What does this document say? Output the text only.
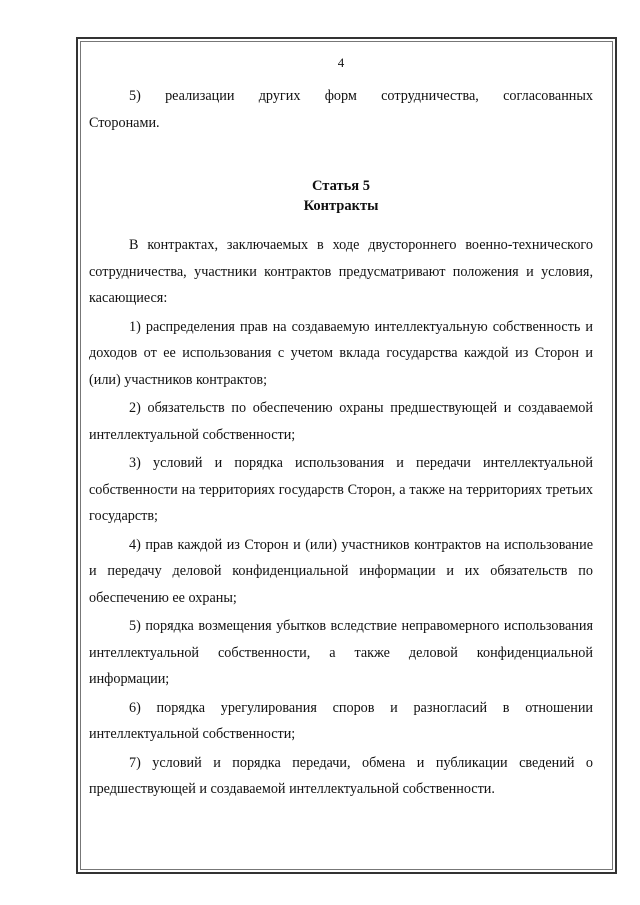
4

5) реализации других форм сотрудничества, согласованных

Сторонами.

Статья 5
Контракты

В контрактах, заключаемых в ходе двустороннего военно-технического сотрудничества, участники контрактов предусматривают положения и условия, касающиеся:

1) распределения прав на создаваемую интеллектуальную собственность и доходов от ее использования с учетом вклада государства каждой из Сторон и (или) участников контрактов;

2) обязательств по обеспечению охраны предшествующей и создаваемой интеллектуальной собственности;

3) условий и порядка использования и передачи интеллектуальной собственности на территориях государств Сторон, а также на территориях третьих государств;

4) прав каждой из Сторон и (или) участников контрактов на использование и передачу деловой конфиденциальной информации и их обязательств по обеспечению ее охраны;

5) порядка возмещения убытков вследствие неправомерного использования интеллектуальной собственности, а также деловой конфиденциальной информации;

6) порядка урегулирования споров и разногласий в отношении интеллектуальной собственности;

7) условий и порядка передачи, обмена и публикации сведений о предшествующей и создаваемой интеллектуальной собственности.
